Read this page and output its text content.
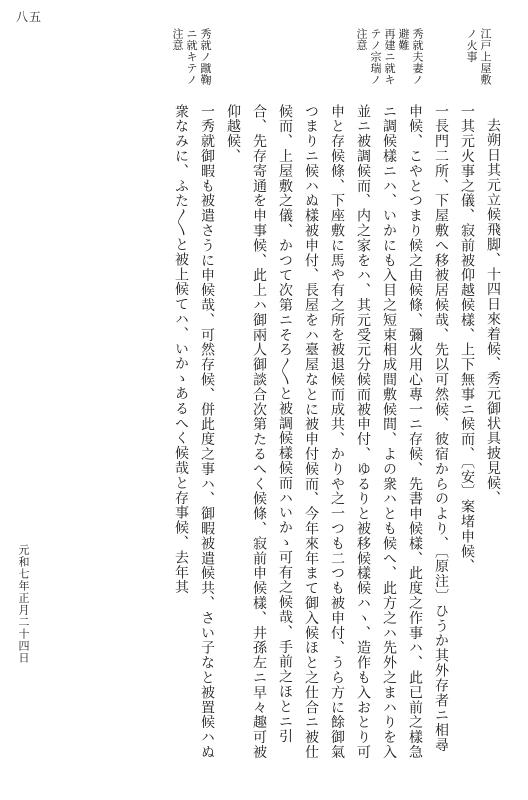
八五
江戸上屋敷
ノ火事
秀就夫妻ノ
避難
再建ニ就キ
テノ宗瑞ノ
注意
秀就ノ蹴鞠
ニ就キテノ
注意

去朔日其元立候飛脚、十四日來着候、秀元御状具披見候、

一其元火事之儀、寂前被仰越候樣、上下無事ニ候而、〔安〕案堵申候、

一長門二所、下屋敷へ移被居候哉、先以可然候、彼宿からのより、〔原注〕ひうか其外存者ニ相尋申候、こやとつまり候之由候條、彌火用心專一ニ存候、先書申候樣、此度之作事ハ、此已前之樣急ニ調候樣ニハ、いかにも入目之短束相成間敷候間、よの衆ハとも候へ、此方之ハ先外之まハりを入並ニ被調候而、内之家をハ、其元受元分候而被申付、ゆるりと被移候樣候ハヽ、造作も入おとり可申と存候條、下座敷に馬や有之所を被退候而成共、かりや之一つも二つも被申付、うら方に餘御氣つまりニ候ハぬ樣被申付、長屋をハ臺屋なとに被申付候而、今年來年まて御入候ほと之仕合ニ被仕候而、上屋敷之儀、かつて次第ニそろ〳〵と被調候樣候而ハいかゝ可有之候哉、手前之ほとニ引合、先存寄通を申事候、此上ハ御兩人御談合次第たるへく候條、寂前申候樣、井孫左ニ早々趣可被仰越候、

一秀就御暇も被遣さうに申候哉、可然存候、併此度之事ハ、御暇被遣候共、さい子なと被置候ハぬ衆なみに、ふた〳〵と被上候てハ、いかゝあるへく候哉と存事候、去年其

元和七年正月二十四日
